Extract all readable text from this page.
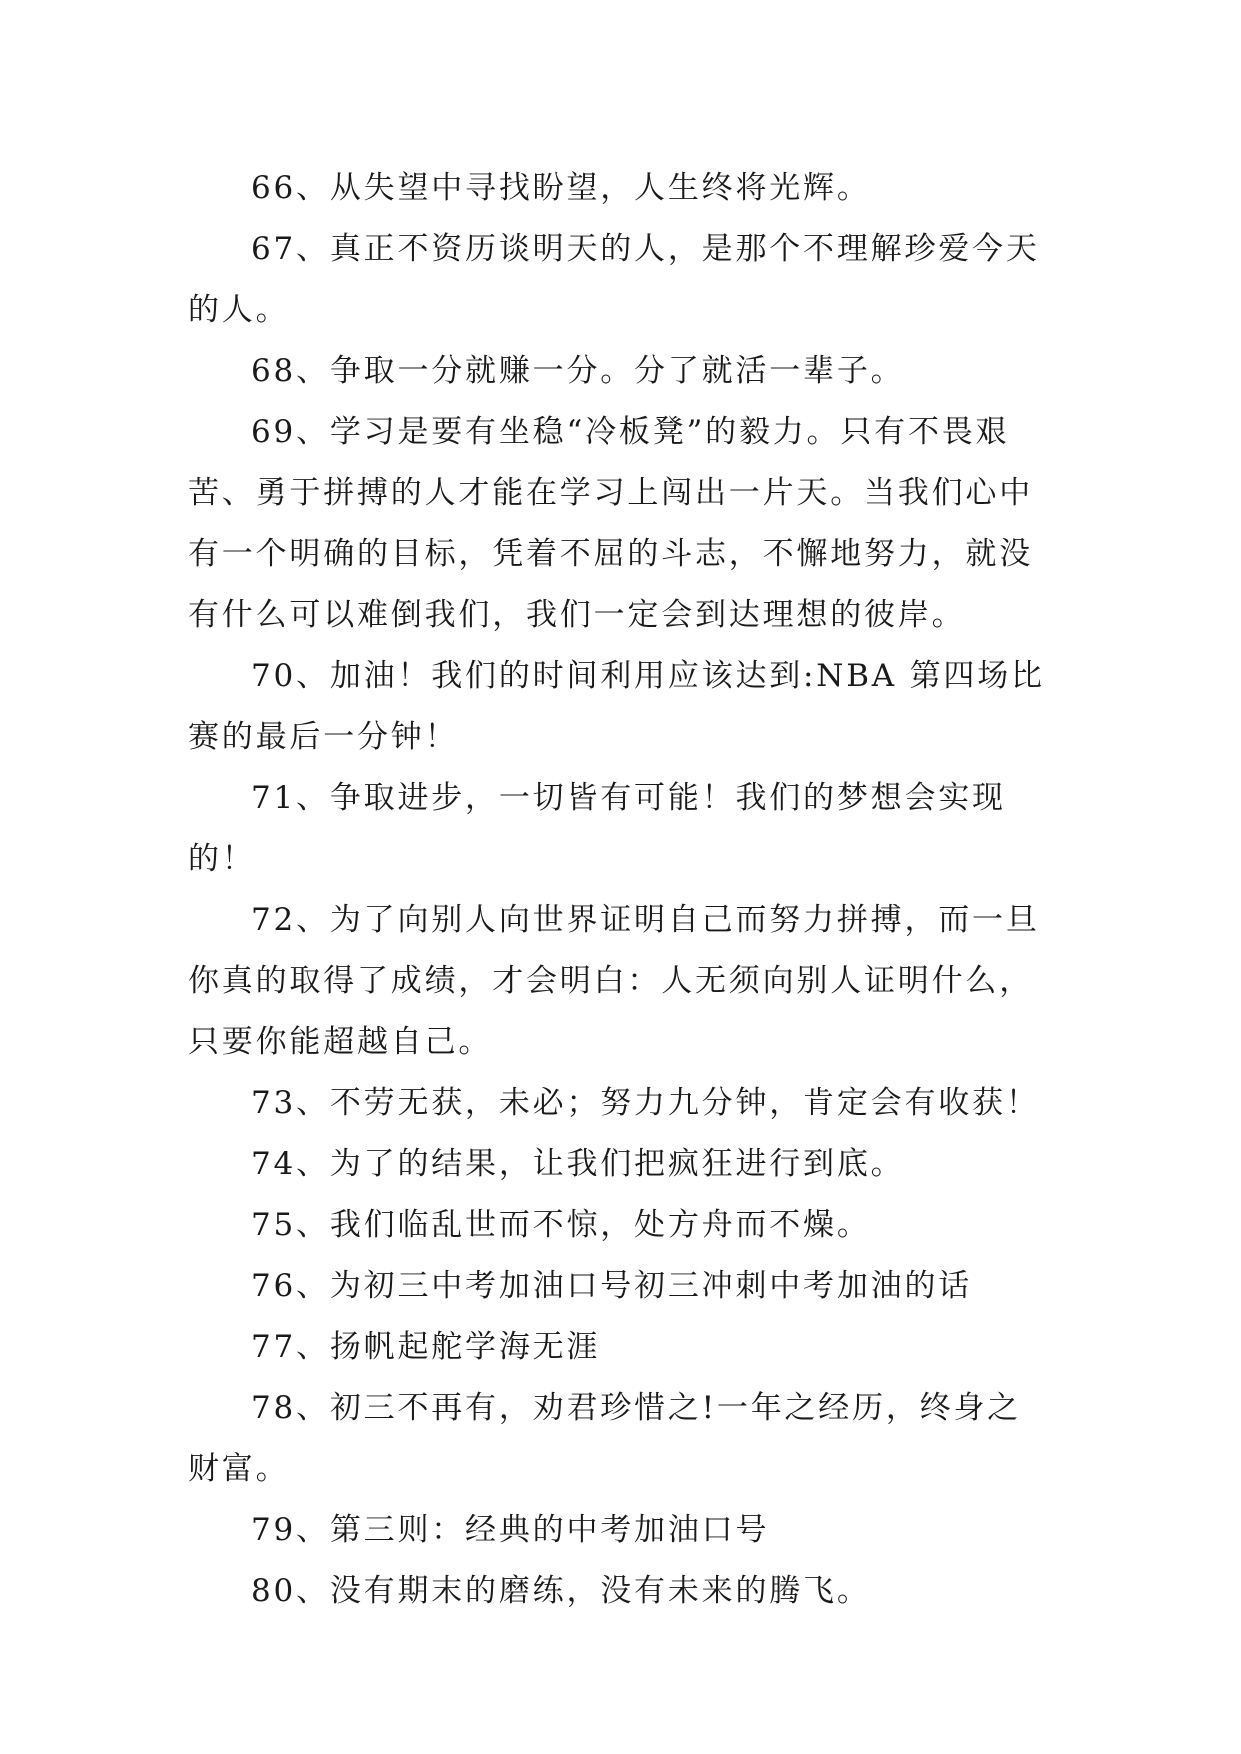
66、从失望中寻找盼望，人生终将光辉。

67、真正不资历谈明天的人，是那个不理解珍爱今天的人。

68、争取一分就赚一分。分了就活一辈子。

69、学习是要有坐稳“冷板凳”的毅力。只有不畏艰苦、勇于拼搏的人才能在学习上闯出一片天。当我们心中有一个明确的目标，凭着不屈的斗志，不懈地努力，就没有什么可以难倒我们，我们一定会到达理想的彼岸。

70、加油！我们的时间利用应该达到:NBA 第四场比赛的最后一分钟！

71、争取进步，一切皆有可能！我们的梦想会实现的！

72、为了向别人向世界证明自己而努力拼搏，而一旦你真的取得了成绩，才会明白：人无须向别人证明什么，只要你能超越自己。

73、不劳无获，未必；努力九分钟，肯定会有收获！

74、为了的结果，让我们把疯狂进行到底。

75、我们临乱世而不惊，处方舟而不燥。

76、为初三中考加油口号初三冲刺中考加油的话

77、扬帆起舵学海无涯

78、初三不再有，劝君珍惜之!一年之经历，终身之财富。

79、第三则：经典的中考加油口号

80、没有期末的磨练，没有未来的腾飞。
